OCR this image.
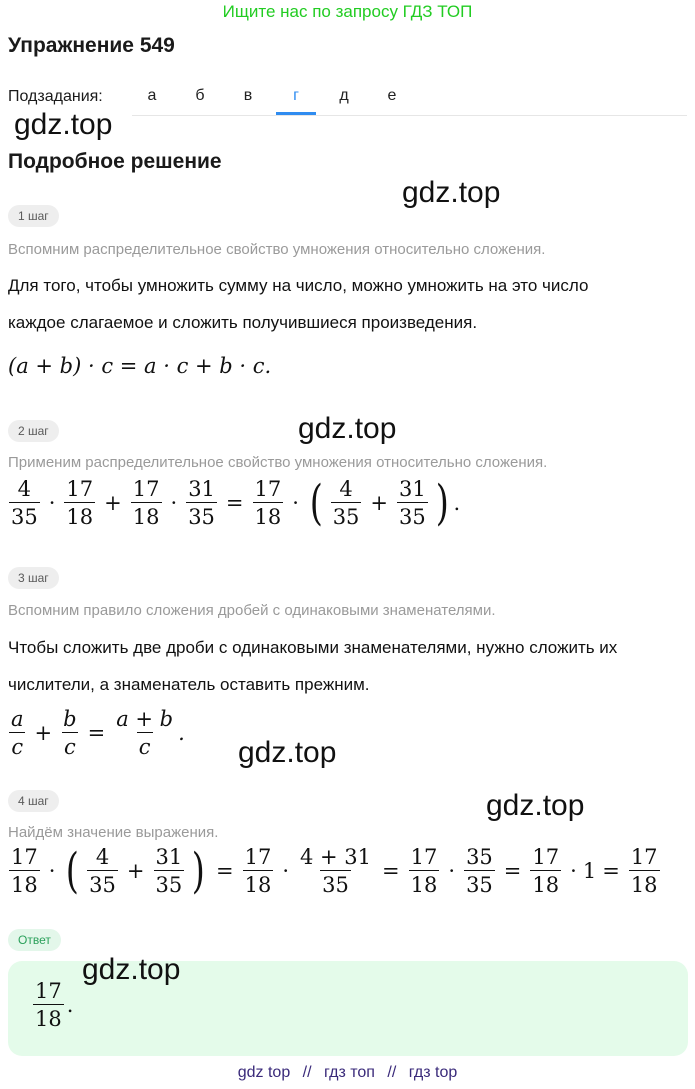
Ищите нас по запросу ГДЗ ТОП
Упражнение 549
Подзадания:	а	б	в	г	д	е
gdz.top
gdz.top
gdz.top
gdz.top
gdz.top
Подробное решение
1 шаг
Вспомним распределительное свойство умножения относительно сложения.
Для того, чтобы умножить сумму на число, можно умножить на это число
каждое слагаемое и сложить получившиеся произведения.
(a + b) · c = a · c + b · c.
2 шаг
Применим распределительное свойство умножения относительно сложения.
4
35
·
17
18
+ $\frac{17}{18} \cdot \frac{31}{35} = \frac{17}{18}$ · ( 4
35
+ $\frac{31}{35}$ ) .
3 шаг
Вспомним правило сложения дробей с одинаковыми знаменателями.
Чтобы сложить две дроби с одинаковыми знаменателями, нужно сложить их
числители, а знаменатель оставить прежним.
a
c
+ $\frac{b}{c} = \frac{a + b}{c}$ .
4 шаг
Найдём значение выражения.
17
18
· ( 4
35
+ $\frac{31}{35}$ ) = $\frac{17}{18} \cdot \frac{4 + 31}{35} = \frac{17}{18} \cdot \frac{35}{35} = \frac{17}{18} \cdot 1 = \frac{17}{18}$
Ответ
17
18
.
gdz.top
gdz top // гдз топ // гдз top
